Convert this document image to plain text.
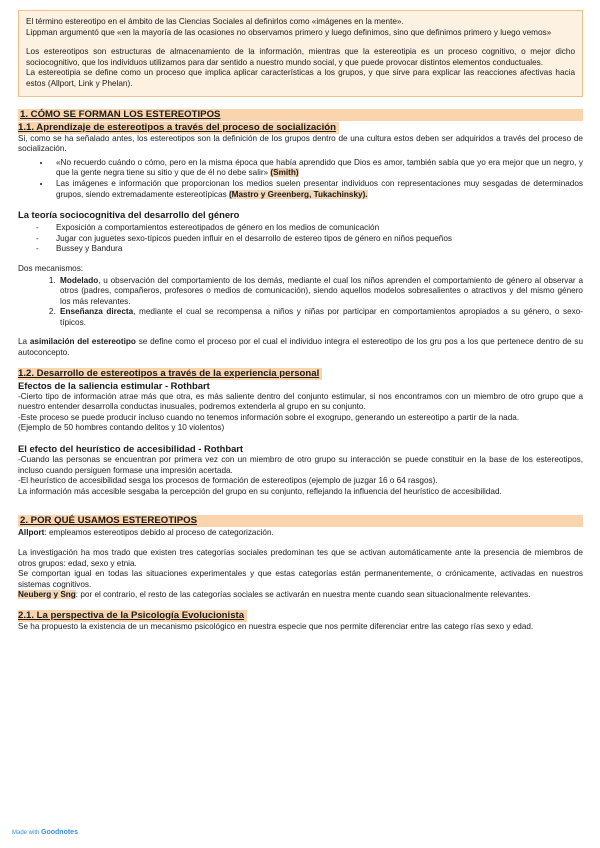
El término estereotipo en el ámbito de las Ciencias Sociales al definirlos como «imágenes en la mente».

Lippman argumentó que «en la mayoría de las ocasiones no observamos primero y luego definimos, sino que definimos primero y luego vemos»

Los estereotipos son estructuras de almacenamiento de la información, mientras que la estereotipia es un proceso cognitivo, o mejor dicho sociocognitivo, que los individuos utilizamos para dar sentido a nuestro mundo social, y que puede provocar distintos elementos conductuales.

La estereotipia se define como un proceso que implica aplicar características a los grupos, y que sirve para explicar las reacciones afectivas hacia estos (Allport, Link y Phelan).

1. CÓMO SE FORMAN LOS ESTEREOTIPOS
1.1. Aprendizaje de estereotipos a través del proceso de socialización

Si, como se ha señalado antes, los estereotipos son la definición de los grupos dentro de una cultura estos deben ser adquiridos a través del proceso de socialización.

• «No recuerdo cuándo o cómo, pero en la misma época que había aprendido que Dios es amor, también sabía que yo era mejor que un negro, y que la gente negra tiene su sitio y que de él no debe salir» (Smith)
• Las imágenes e información que proporcionan los medios suelen presentar individuos con representaciones muy sesgadas de determinados grupos, siendo extremadamente estereotípicas (Mastro y Greenberg, Tukachinsky).
La teoría sociocognitiva del desarrollo del género
- Exposición a comportamientos estereotipados de género en los medios de comunicación
- Jugar con juguetes sexo-típicos pueden influir en el desarrollo de estereo tipos de género en niños pequeños
- Bussey y Bandura

Dos mecanismos:

1. Modelado, u observación del comportamiento de los demás, mediante el cual los niños aprenden el comportamiento de género al observar a otros (padres, compañeros, profesores o medios de comunicación), siendo aquellos modelos sobresalientes o atractivos y del mismo género los más relevantes.
2. Enseñanza directa, mediante el cual se recompensa a niños y niñas por participar en comportamientos apropiados a su género, o sexo-típicos.

La asimilación del estereotipo se define como el proceso por el cual el individuo integra el estereotipo de los gru pos a los que pertenece dentro de su autoconcepto.

1.2. Desarrollo de estereotipos a través de la experiencia personal
Efectos de la saliencia estimular - Rothbart

-Cierto tipo de información atrae más que otra, es más saliente dentro del conjunto estimular, si nos encontramos con un miembro de otro grupo que a nuestro entender desarrolla conductas inusuales, podremos extenderla al grupo en su conjunto.

-Este proceso se puede producir incluso cuando no tenemos información sobre el exogrupo, generando un estereotipo a partir de la nada.

(Ejemplo de 50 hombres contando delitos y 10 violentos)

El efecto del heurístico de accesibilidad - Rothbart

-Cuando las personas se encuentran por primera vez con un miembro de otro grupo su interacción se puede constituir en la base de los estereotipos, incluso cuando persiguen formase una impresión acertada.

-El heurístico de accesibilidad sesga los procesos de formación de estereotipos (ejemplo de juzgar 16 o 64 rasgos).

La información más accesible sesgaba la percepción del grupo en su conjunto, reflejando la influencia del heurístico de accesibilidad.

2. POR QUÉ USAMOS ESTEREOTIPOS

Allport: empleamos estereotipos debido al proceso de categorización.

La investigación ha mos trado que existen tres categorías sociales predominan tes que se activan automáticamente ante la presencia de miembros de otros grupos: edad, sexo y etnia.

Se comportan igual en todas las situaciones experimentales y que estas categorías están permanentemente, o crónicamente, activadas en nuestros sistemas cognitivos.

Neuberg y Sng: por el contrario, el resto de las categorías sociales se activarán en nuestra mente cuando sean situacionalmente relevantes.

2.1. La perspectiva de la Psicología Evolucionista

Se ha propuesto la existencia de un mecanismo psicológico en nuestra especie que nos permite diferenciar entre las catego rías sexo y edad.

Made with Goodnotes
